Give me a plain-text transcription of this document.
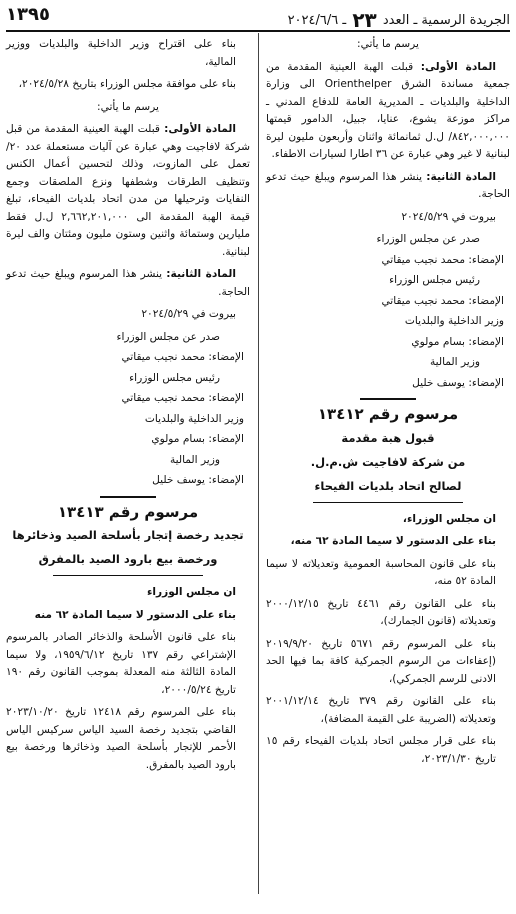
الجريدة الرسمية ـ العدد ٢٣ ـ ٢٠٢٤/٦/٦
١٣٩٥

يرسم ما يأتي:

المادة الأولى: قبلت الهبة العينية المقدمة من جمعية مساندة الشرق Orienthelper الى وزارة الداخلية والبلديات ـ المديرية العامة للدفاع المدني ـ مراكز موزعة يشوع، عنايا، جبيل، الدامور قيمتها ٨٤٢,٠٠٠,٠٠٠/ ل.ل ثمانمائة واثنان وأربعون مليون ليرة لبنانية لا غير وهي عبارة عن ٣٦ اطارا لسيارات الاطفاء.

المادة الثانية: ينشر هذا المرسوم ويبلغ حيث تدعو الحاجة.

بيروت في ٢٠٢٤/٥/٢٩

صدر عن مجلس الوزراء

الإمضاء: محمد نجيب ميقاتي

رئيس مجلس الوزراء

الإمضاء: محمد نجيب ميقاتي

وزير الداخلية والبلديات

الإمضاء: بسام مولوي

وزير المالية

الإمضاء: يوسف خليل

مرسوم رقم ١٣٤١٢

قبول هبة مقدمة

من شركة لافاجيت ش.م.ل.

لصالح اتحاد بلديات الفيحاء

ان مجلس الوزراء،

بناء على الدستور لا سيما المادة ٦٢ منه،

بناء على قانون المحاسبة العمومية وتعديلاته لا سيما المادة ٥٢ منه،

بناء على القانون رقم ٤٤٦١ تاريخ ٢٠٠٠/١٢/١٥ وتعديلاته (قانون الجمارك)،

بناء على المرسوم رقم ٥٦٧١ تاريخ ٢٠١٩/٩/٢٠ (إعفاءات من الرسوم الجمركية كافة بما فيها الحد الادنى للرسم الجمركي)،

بناء على القانون رقم ٣٧٩ تاريخ ٢٠٠١/١٢/١٤ وتعديلاته (الضريبة على القيمة المضافة)،

بناء على قرار مجلس اتحاد بلديات الفيحاء رقم ١٥ تاريخ ٢٠٢٣/١/٣٠،

بناء على اقتراح وزير الداخلية والبلديات ووزير المالية،

بناء على موافقة مجلس الوزراء بتاريخ ٢٠٢٤/٥/٢٨،

يرسم ما يأتي:

المادة الأولى: قبلت الهبة العينية المقدمة من قبل شركة لافاجيت وهي عبارة عن آليات مستعملة عدد ٢٠/ تعمل على المازوت، وذلك لتحسين أعمال الكنس وتنظيف الطرقات وشطفها ونزع الملصقات وجمع النفايات وترحيلها من مدن اتحاد بلديات الفيحاء، تبلغ قيمة الهبة المقدمة الى ٢,٦٦٢,٢٠١,٠٠٠ ل.ل فقط مليارين وستمائة واثنين وستون مليون ومئتان والف ليرة لبنانية.

المادة الثانية: ينشر هذا المرسوم ويبلغ حيث تدعو الحاجة.

بيروت في ٢٠٢٤/٥/٢٩

صدر عن مجلس الوزراء

الإمضاء: محمد نجيب ميقاتي

رئيس مجلس الوزراء

الإمضاء: محمد نجيب ميقاتي

وزير الداخلية والبلديات

الإمضاء: بسام مولوي

وزير المالية

الإمضاء: يوسف خليل

مرسوم رقم ١٣٤١٣

تجديد رخصة إتجار بأسلحة الصيد وذخائرها

ورخصة بيع بارود الصيد بالمفرق

ان مجلس الوزراء

بناء على الدستور لا سيما المادة ٦٢ منه

بناء على قانون الأسلحة والذخائر الصادر بالمرسوم الإشتراعي رقم ١٣٧ تاريخ ١٩٥٩/٦/١٢، ولا سيما المادة الثالثة منه المعدلة بموجب القانون رقم ١٩٠ تاريخ ٢٠٠٠/٥/٢٤،

بناء على المرسوم رقم ١٢٤١٨ تاريخ ٢٠٢٣/١٠/٢٠ القاضي بتجديد رخصة السيد الياس سركيس الياس الأحمر للإتجار بأسلحة الصيد وذخائرها ورخصة بيع بارود الصيد بالمفرق.
